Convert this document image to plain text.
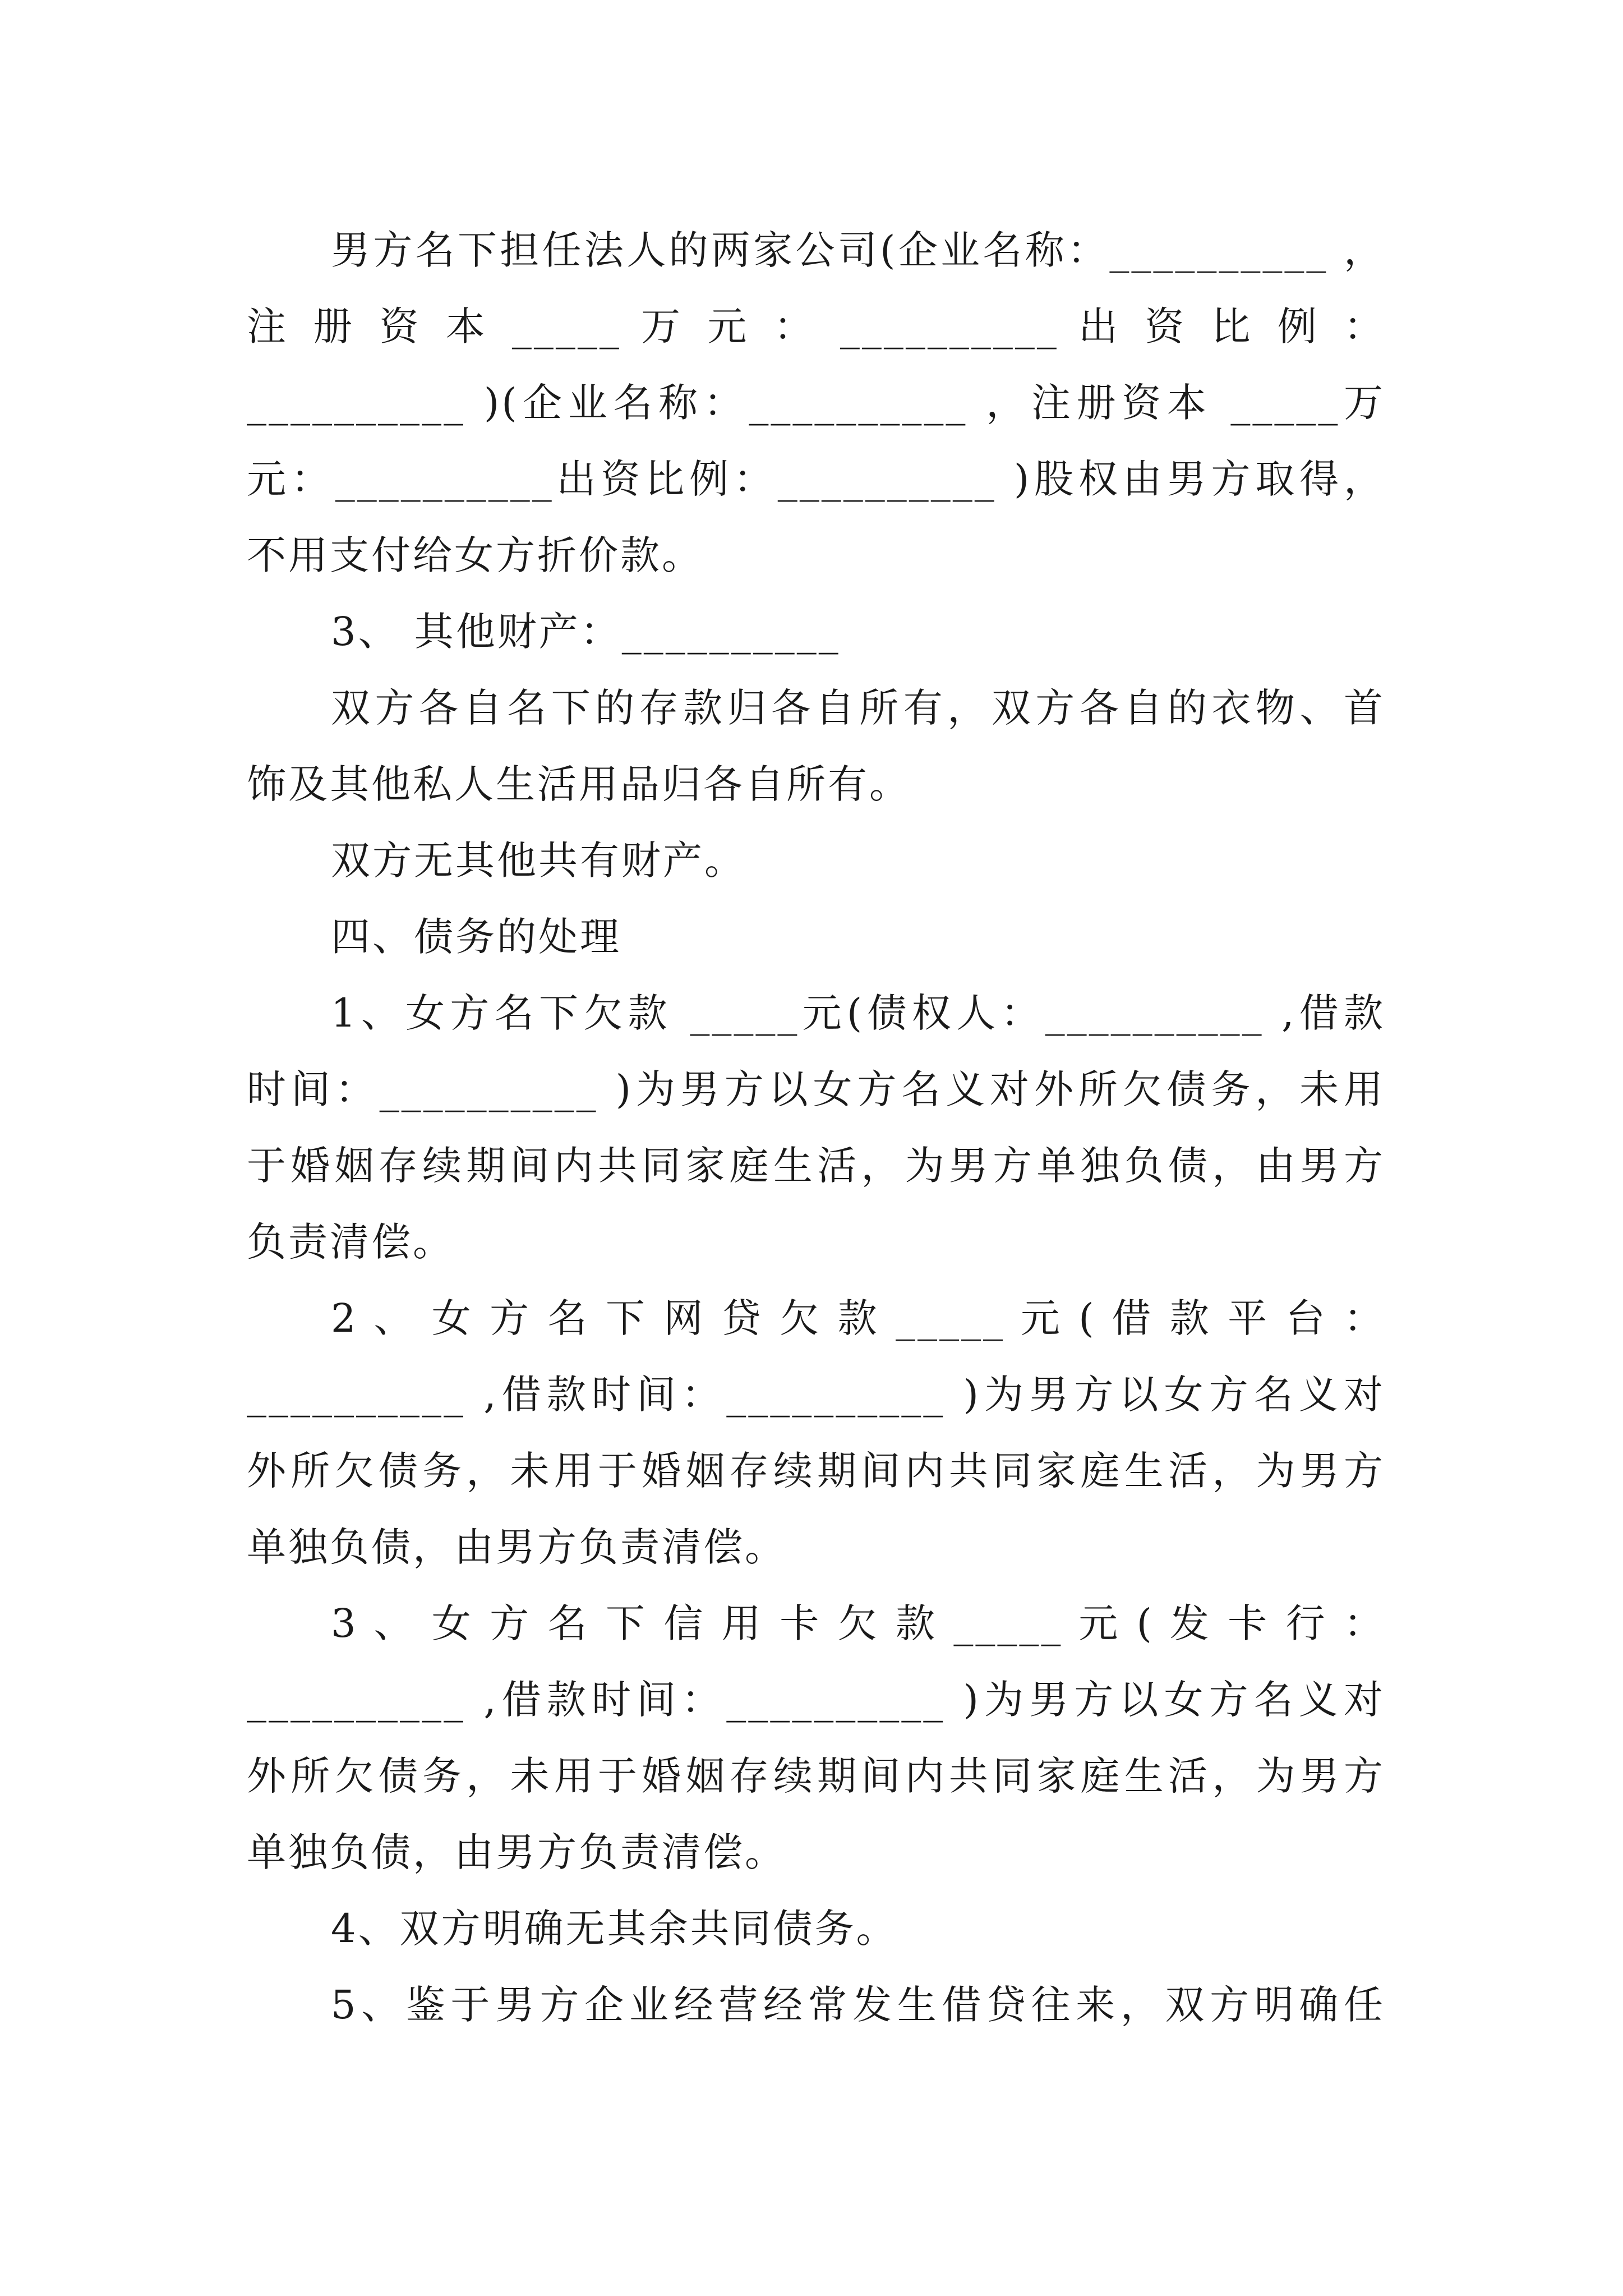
男方名下担任法人的两家公司(企业名称：__________ ，
注 册 资 本 _____ 万 元 ： __________ 出 资 比 例 ：
__________ )(企业名称：__________ ，注册资本 _____万
元：__________出资比例：__________ )股权由男方取得，
不用支付给女方折价款。
3、 其他财产：__________
双方各自名下的存款归各自所有，双方各自的衣物、首
饰及其他私人生活用品归各自所有。
双方无其他共有财产。
四、债务的处理
1、女方名下欠款 _____元(债权人：__________ ,借款
时间：__________ )为男方以女方名义对外所欠债务，未用
于婚姻存续期间内共同家庭生活，为男方单独负债，由男方
负责清偿。
2 、 女 方 名 下 网 贷 欠 款 _____ 元 ( 借 款 平 台 ：
__________ ,借款时间：__________ )为男方以女方名义对
外所欠债务，未用于婚姻存续期间内共同家庭生活，为男方
单独负债，由男方负责清偿。
3 、 女 方 名 下 信 用 卡 欠 款 _____ 元 ( 发 卡 行 ：
__________ ,借款时间：__________ )为男方以女方名义对
外所欠债务，未用于婚姻存续期间内共同家庭生活，为男方
单独负债，由男方负责清偿。
4、双方明确无其余共同债务。
5、鉴于男方企业经营经常发生借贷往来，双方明确任
